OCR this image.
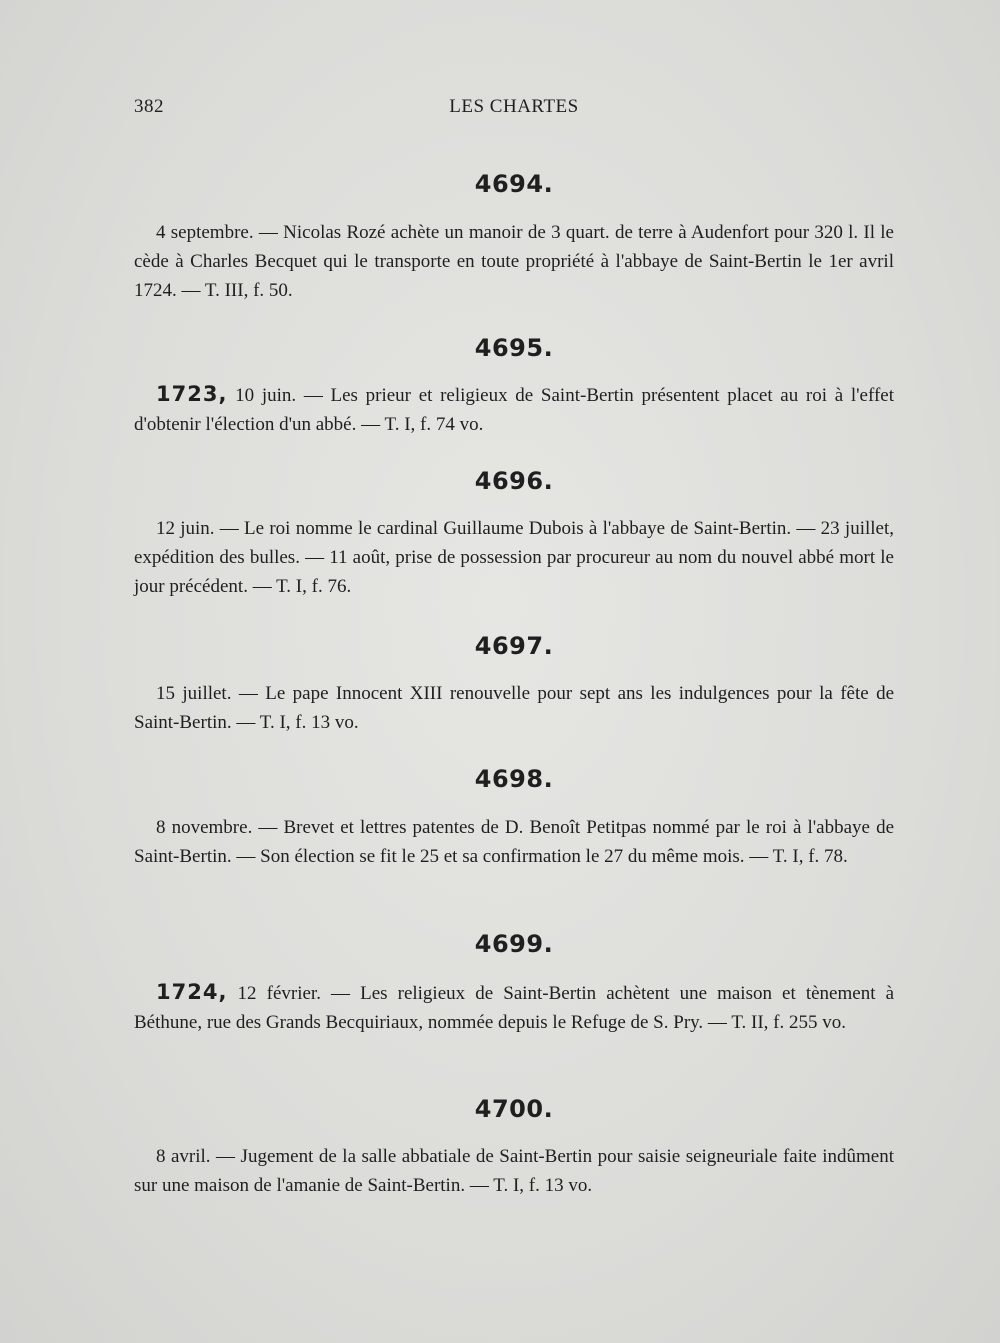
382	LES CHARTES
4694.
4 septembre. — Nicolas Rozé achète un manoir de 3 quart. de terre à Audenfort pour 320 l. Il le cède à Charles Becquet qui le transporte en toute propriété à l'abbaye de Saint-Bertin le 1er avril 1724. — T. III, f. 50.
4695.
1723, 10 juin. — Les prieur et religieux de Saint-Bertin présentent placet au roi à l'effet d'obtenir l'élection d'un abbé. — T. I, f. 74 vo.
4696.
12 juin. — Le roi nomme le cardinal Guillaume Dubois à l'abbaye de Saint-Bertin. — 23 juillet, expédition des bulles. — 11 août, prise de possession par procureur au nom du nouvel abbé mort le jour précédent. — T. I, f. 76.
4697.
15 juillet. — Le pape Innocent XIII renouvelle pour sept ans les indulgences pour la fête de Saint-Bertin. — T. I, f. 13 vo.
4698.
8 novembre. — Brevet et lettres patentes de D. Benoît Petitpas nommé par le roi à l'abbaye de Saint-Bertin. — Son élection se fit le 25 et sa confirmation le 27 du même mois. — T. I, f. 78.
4699.
1724, 12 février. — Les religieux de Saint-Bertin achètent une maison et tènement à Béthune, rue des Grands Becquiriaux, nommée depuis le Refuge de S. Pry. — T. II, f. 255 vo.
4700.
8 avril. — Jugement de la salle abbatiale de Saint-Bertin pour saisie seigneuriale faite indûment sur une maison de l'amanie de Saint-Bertin. — T. I, f. 13 vo.
